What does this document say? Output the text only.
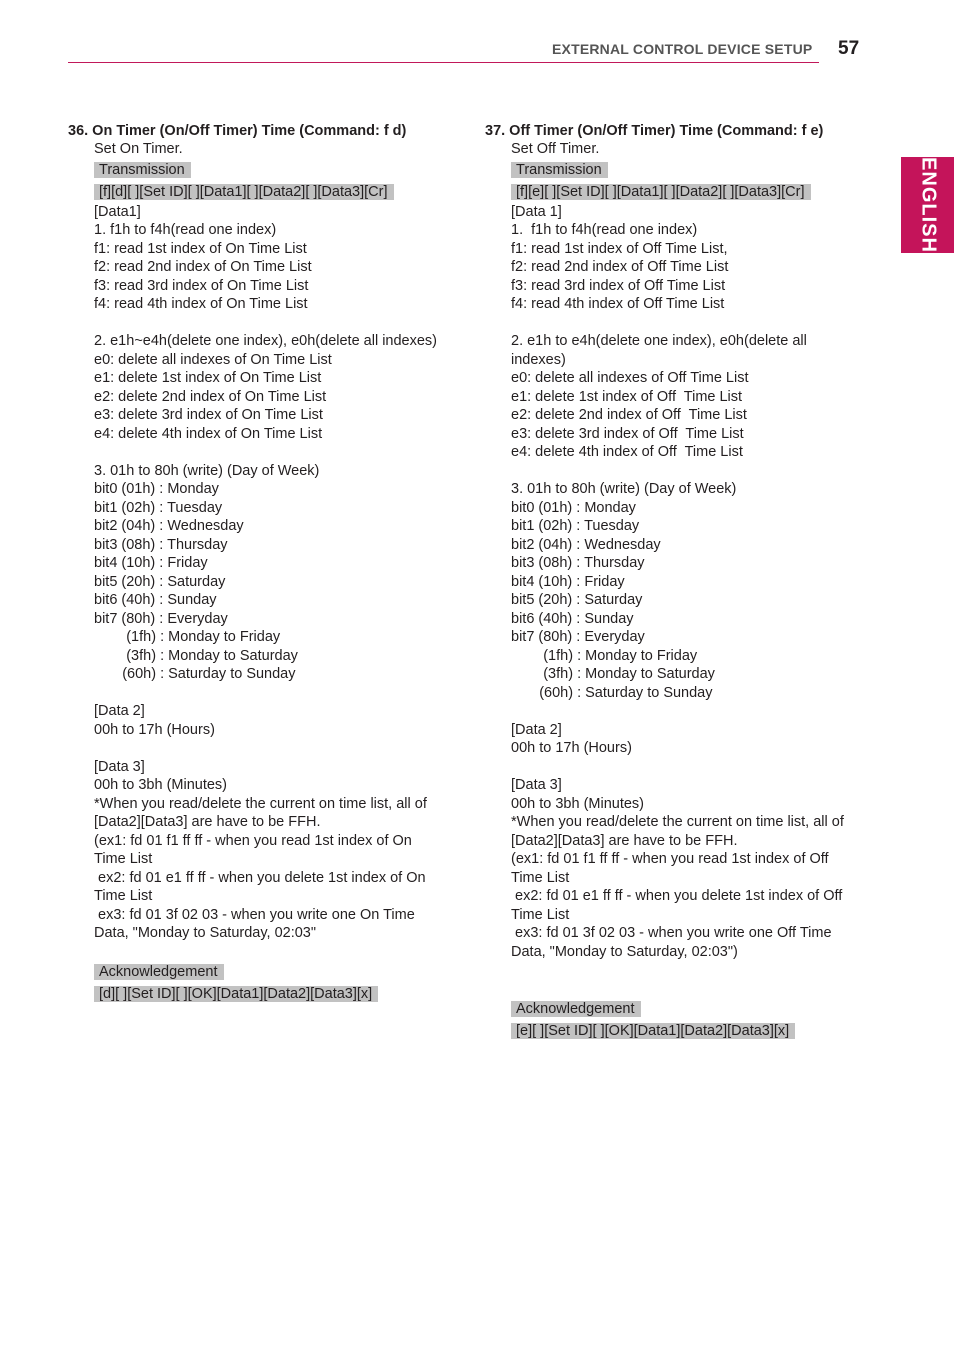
EXTERNAL CONTROL DEVICE SETUP 57
ENGLISH
36. On Timer (On/Off Timer) Time (Command: f d)
Set On Timer.
Transmission
[f][d][ ][Set ID][ ][Data1][ ][Data2][ ][Data3][Cr]
[Data1]
1. f1h to f4h(read one index)
f1: read 1st index of On Time List
f2: read 2nd index of On Time List
f3: read 3rd index of On Time List
f4: read 4th index of On Time List
2. e1h~e4h(delete one index), e0h(delete all indexes)
e0: delete all indexes of On Time List
e1: delete 1st index of On Time List
e2: delete 2nd index of On Time List
e3: delete 3rd index of On Time List
e4: delete 4th index of On Time List
3. 01h to 80h (write) (Day of Week)
bit0 (01h) : Monday
bit1 (02h) : Tuesday
bit2 (04h) : Wednesday
bit3 (08h) : Thursday
bit4 (10h) : Friday
bit5 (20h) : Saturday
bit6 (40h) : Sunday
bit7 (80h) : Everyday
(1fh) : Monday to Friday
(3fh) : Monday to Saturday
(60h) : Saturday to Sunday
[Data 2]
00h to 17h (Hours)
[Data 3]
00h to 3bh (Minutes)
*When you read/delete the current on time list, all of
[Data2][Data3] are have to be FFH.
(ex1: fd 01 f1 ff ff - when you read 1st index of On
Time List
ex2: fd 01 e1 ff ff - when you delete 1st index of On
Time List
ex3: fd 01 3f 02 03 - when you write one On Time
Data, "Monday to Saturday, 02:03"
Acknowledgement
[d][ ][Set ID][ ][OK][Data1][Data2][Data3][x]
37. Off Timer (On/Off Timer) Time (Command: f e)
Set Off Timer.
Transmission
[f][e][ ][Set ID][ ][Data1][ ][Data2][ ][Data3][Cr]
[Data 1]
1.  f1h to f4h(read one index)
f1: read 1st index of Off Time List,
f2: read 2nd index of Off Time List
f3: read 3rd index of Off Time List
f4: read 4th index of Off Time List
2. e1h to e4h(delete one index), e0h(delete all
indexes)
e0: delete all indexes of Off Time List
e1: delete 1st index of Off  Time List
e2: delete 2nd index of Off  Time List
e3: delete 3rd index of Off  Time List
e4: delete 4th index of Off  Time List
3. 01h to 80h (write) (Day of Week)
bit0 (01h) : Monday
bit1 (02h) : Tuesday
bit2 (04h) : Wednesday
bit3 (08h) : Thursday
bit4 (10h) : Friday
bit5 (20h) : Saturday
bit6 (40h) : Sunday
bit7 (80h) : Everyday
(1fh) : Monday to Friday
(3fh) : Monday to Saturday
(60h) : Saturday to Sunday
[Data 2]
00h to 17h (Hours)
[Data 3]
00h to 3bh (Minutes)
*When you read/delete the current on time list, all of
[Data2][Data3] are have to be FFH.
(ex1: fd 01 f1 ff ff - when you read 1st index of Off
Time List
ex2: fd 01 e1 ff ff - when you delete 1st index of Off
Time List
ex3: fd 01 3f 02 03 - when you write one Off Time
Data, "Monday to Saturday, 02:03")
Acknowledgement
[e][ ][Set ID][ ][OK][Data1][Data2][Data3][x]
